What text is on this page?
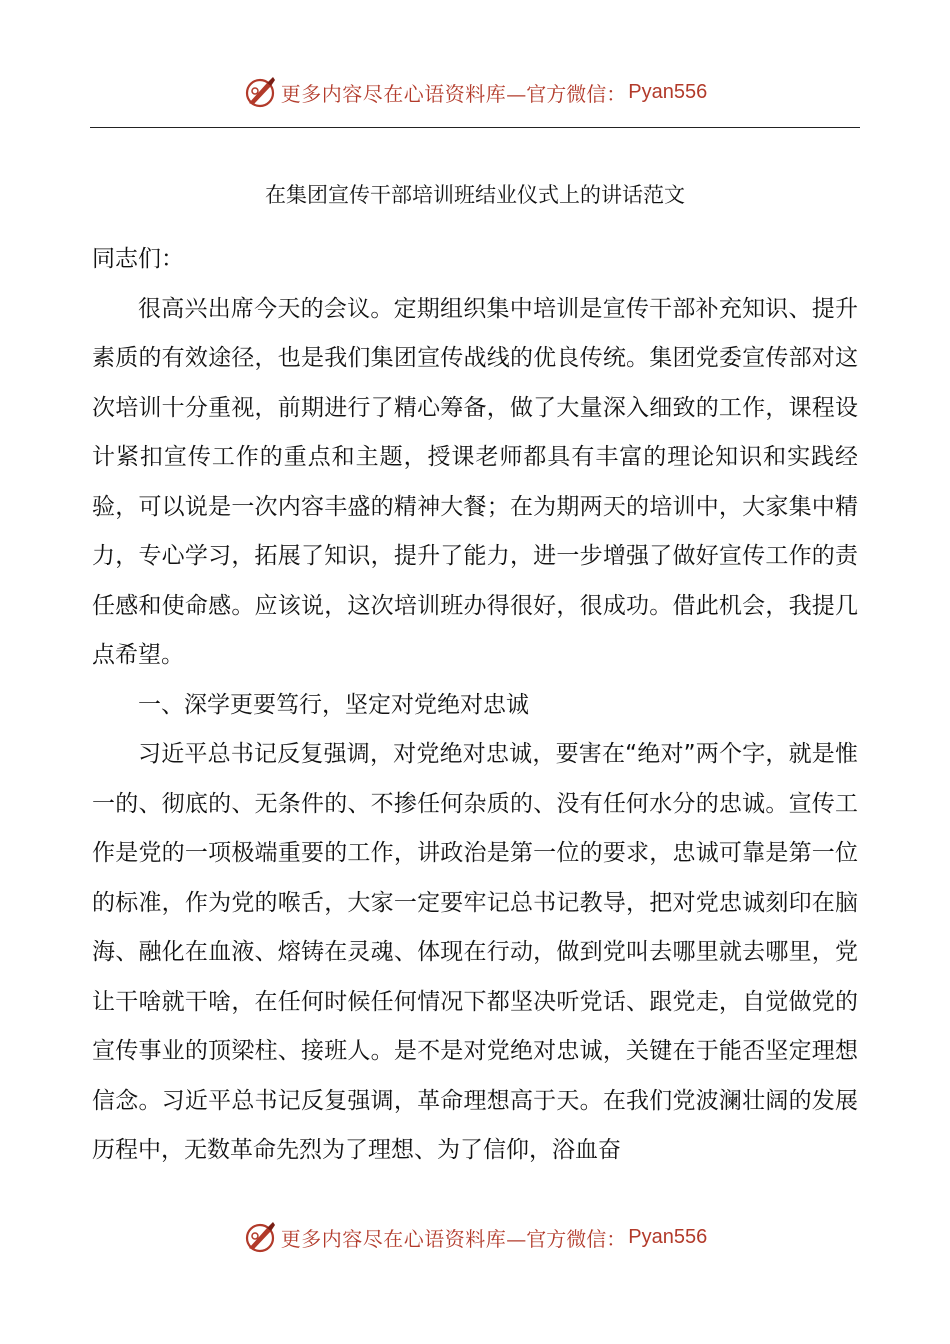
更多内容尽在心语资料库 —官方微信： Pyan556
在集团宣传干部培训班结业仪式上的讲话范文

同志们：

很高兴出席今天的会议。定期组织集中培训是宣传干部补充知识、提升素质的有效途径，也是我们集团宣传战线的优良传统。集团党委宣传部对这次培训十分重视，前期进行了精心筹备，做了大量深入细致的工作，课程设计紧扣宣传工作的重点和主题，授课老师都具有丰富的理论知识和实践经验，可以说是一次内容丰盛的精神大餐；在为期两天的培训中，大家集中精力，专心学习，拓展了知识，提升了能力，进一步增强了做好宣传工作的责任感和使命感。应该说，这次培训班办得很好，很成功。借此机会，我提几点希望。

一、深学更要笃行，坚定对党绝对忠诚

习近平总书记反复强调，对党绝对忠诚，要害在“绝对”两个字，就是惟一的、彻底的、无条件的、不掺任何杂质的、没有任何水分的忠诚。宣传工作是党的一项极端重要的工作，讲政治是第一位的要求，忠诚可靠是第一位的标准，作为党的喉舌，大家一定要牢记总书记教导，把对党忠诚刻印在脑海、融化在血液、熔铸在灵魂、体现在行动，做到党叫去哪里就去哪里，党让干啥就干啥，在任何时候任何情况下都坚决听党话、跟党走，自觉做党的宣传事业的顶梁柱、接班人。是不是对党绝对忠诚，关键在于能否坚定理想信念。习近平总书记反复强调，革命理想高于天。在我们党波澜壮阔的发展历程中，无数革命先烈为了理想、为了信仰，浴血奋

更多内容尽在心语资料库 —官方微信： Pyan556
